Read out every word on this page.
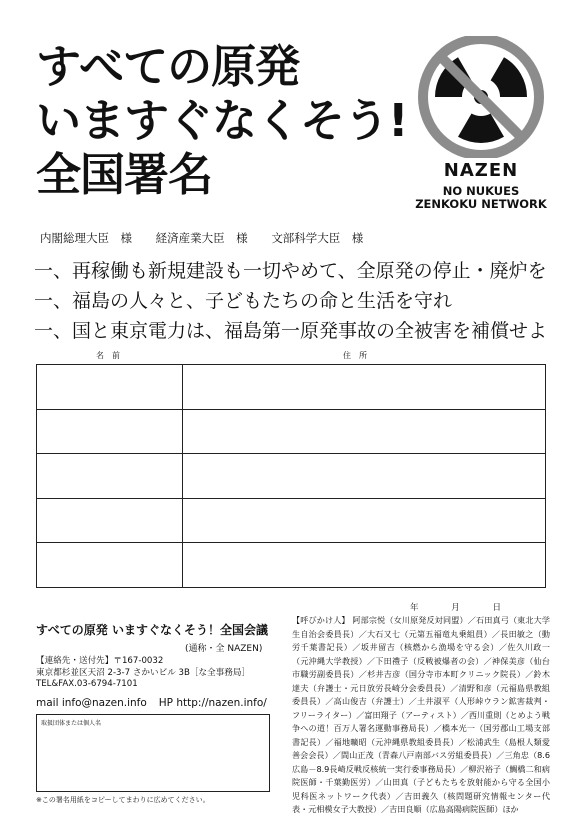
すべての原発
いますぐなくそう!
全国署名	NAZEN
NO NUKUES
ZENKOKU NETWORK
内閣総理大臣　様 経済産業大臣　様 文部科学大臣　様
一、再稼働も新規建設も一切やめて、全原発の停止・廃炉を
一、福島の人々と、子どもたちの命と生活を守れ
一、国と東京電力は、福島第一原発事故の全被害を補償せよ
名　前	住　所

年	月	日
すべての原発 いますぐなくそう！全国会議
(通称・全 NAZEN)
【連絡先・送付先】〒167-0032
東京都杉並区天沼 2-3-7 さかいビル 3B［な全事務局］
TEL&FAX.03-6794-7101
mail info@nazen.info HP http://nazen.info/
取扱団体または個人名
※この署名用紙をコピーしてまわりに広めてください。
【呼びかけ人】 阿部宗悦（女川原発反対同盟）／石田真弓（東北大学生自治会委員長）／大石又七（元第五福竜丸乗組員）／長田敏之（動労千葉書記長）／坂井留吉（核燃から漁場を守る会）／佐久川政一（元沖縄大学教授）／下田禮子（反戦被爆者の会）／神保美彦（仙台市職労副委員長）／杉井吉彦（国分寺市本町クリニック院長）／鈴木達夫（弁護士・元日放労長崎分会委員長）／清野和彦（元福島県教組委員長）／高山俊吉（弁護士）／土井淑平（人形峠ウラン鉱害裁判・フリーライター）／富田翔子（アーティスト）／西川重則（とめよう戦争への道！百万人署名運動事務局長）／橋本光一（国労郡山工場支部書記長）／福地曠昭（元沖縄県教組委員長）／松浦武生（島根人類愛善会会長）／間山正茂（青森八戸南部バス労組委員長）／三角忠（8.6広島－8.9長崎反戦反核統一実行委事務局長）／柳沢裕子（鯛橋二和病院医師・千葉勤医労）／山田真（子どもたちを放射能から守る全国小児科医ネットワーク代表）／吉田義久（核問題研究情報センター代表・元相模女子大教授）／吉田良順（広島高陽病院医師）ほか
